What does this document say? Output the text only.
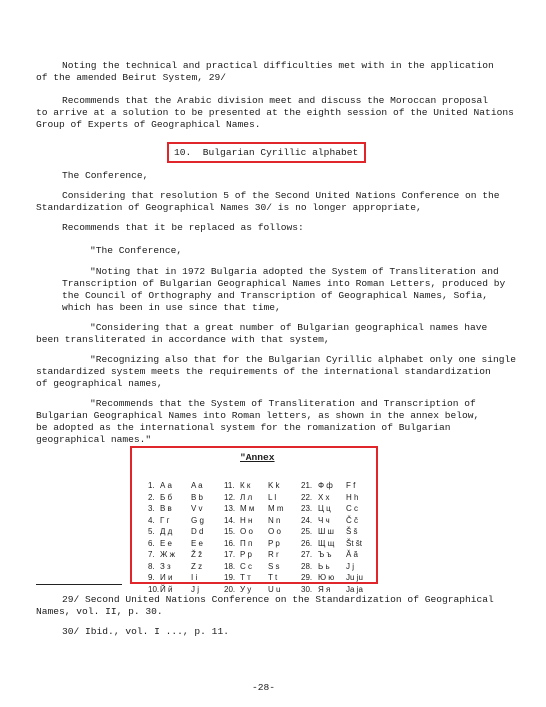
Noting the technical and practical difficulties met with in the application
of the amended Beirut System, 29/
Recommends that the Arabic division meet and discuss the Moroccan proposal
to arrive at a solution to be presented at the eighth session of the United Nations
Group of Experts of Geographical Names.
10.  Bulgarian Cyrillic alphabet
The Conference,
Considering that resolution 5 of the Second United Nations Conference on the
Standardization of Geographical Names 30/ is no longer appropriate,
Recommends that it be replaced as follows:
"The Conference,
"Noting that in 1972 Bulgaria adopted the System of Transliteration and
Transcription of Bulgarian Geographical Names into Roman Letters, produced by
the Council of Orthography and Transcription of Geographical Names, Sofia,
which has been in use since that time,
"Considering that a great number of Bulgarian geographical names have
been transliterated in accordance with that system,
"Recognizing also that for the Bulgarian Cyrillic alphabet only one single
standardized system meets the requirements of the international standardization
of geographical names,
"Recommends that the System of Transliteration and Transcription of
Bulgarian Geographical Names into Roman letters, as shown in the annex below,
be adopted as the international system for the romanization of Bulgarian
geographical names."
"Annex
1.
2.
3.
4.
5.
6.
7.
8.
9.
10.
А а
Б б
В в
Г г
Д д
Е е
Ж ж
З з
И и
Й й
A a
B b
V v
G g
D d
E e
Ž ž
Z z
I i
J j
11.
12.
13.
14.
15.
16.
17.
18.
19.
20.
К к
Л л
М м
Н н
О о
П п
Р р
С с
Т т
У у
K k
L l
M m
N n
O o
P p
R r
S s
T t
U u
21.
22.
23.
24.
25.
26.
27.
28.
29.
30.
Ф ф
Х х
Ц ц
Ч ч
Ш ш
Щ щ
Ъ ъ
Ь ь
Ю ю
Я я
F f
H h
C c
Č č
Š š
Št št
Ă ă
J j
Ju ju
Ja ja
29/ Second United Nations Conference on the Standardization of Geographical
Names, vol. II, p. 30.
30/ Ibid., vol. I ..., p. 11.
-28-
